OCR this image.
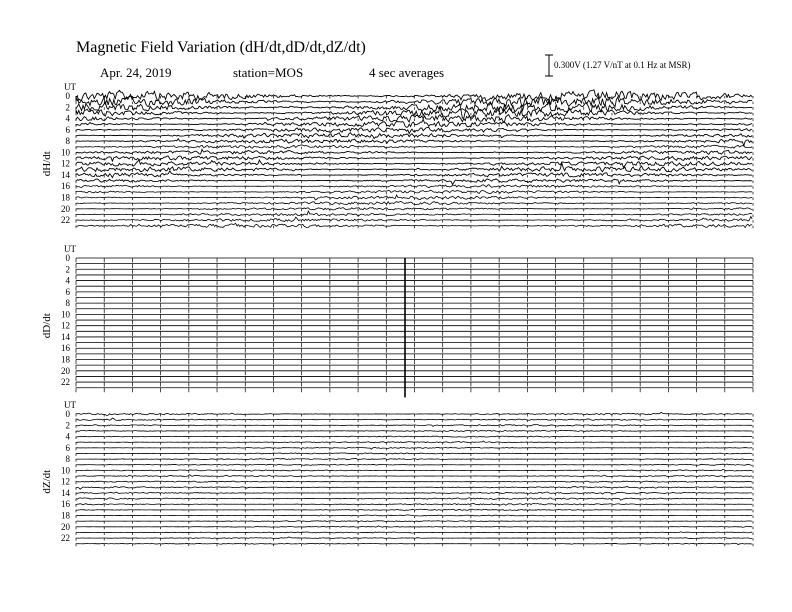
Magnetic Field Variation (dH/dt,dD/dt,dZ/dt)
Apr. 24, 2019	station=MOS	4 sec averages	0.300V (1.27 V/nT at 0.1 Hz at MSR)
UT
dH/dt
0
2
4
6
8
10
12
14
16
18
20
22
UT
dD/dt
0
2
4
6
8
10
12
14
16
18
20
22
UT
dZ/dt
0
2
4
6
8
10
12
14
16
18
20
22
